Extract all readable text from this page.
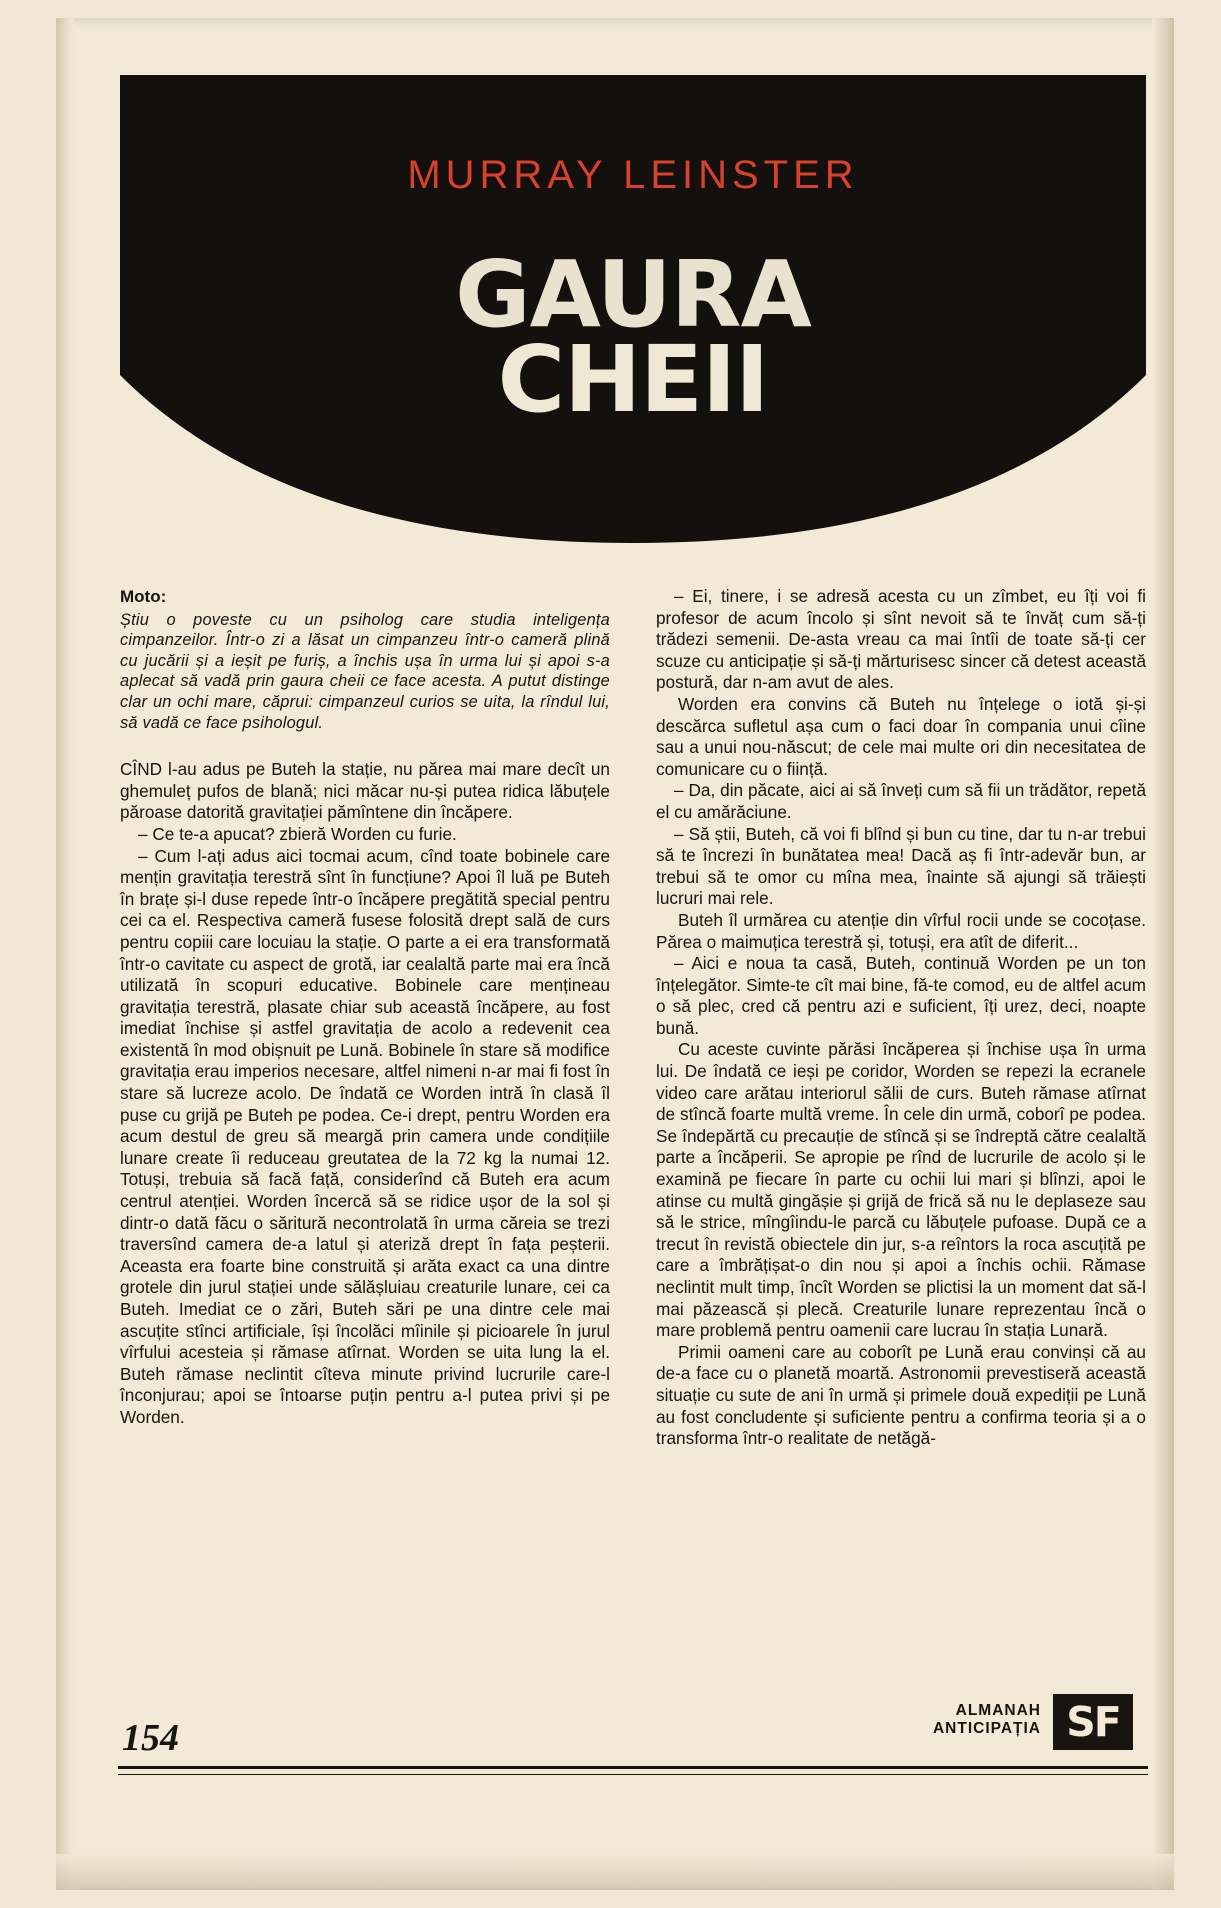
MURRAY LEINSTER
GAURA
CHEII
Moto:
Știu o poveste cu un psiholog care studia inteligența cimpanzeilor. Într-o zi a lăsat un cimpanzeu într-o cameră plină cu jucării și a ieșit pe furiș, a închis ușa în urma lui și apoi s-a aplecat să vadă prin gaura cheii ce face acesta. A putut distinge clar un ochi mare, căprui: cimpanzeul curios se uita, la rîndul lui, să vadă ce face psihologul.

CÎND l-au adus pe Buteh la stație, nu părea mai mare decît un ghemuleț pufos de blană; nici măcar nu-și putea ridica lăbuțele păroase datorită gravitației pămîntene din încăpere.

– Ce te-a apucat? zbieră Worden cu furie.

– Cum l-ați adus aici tocmai acum, cînd toate bobinele care mențin gravitația terestră sînt în funcțiune? Apoi îl luă pe Buteh în brațe și-l duse repede într-o încăpere pregătită special pentru cei ca el. Respectiva cameră fusese folosită drept sală de curs pentru copiii care locuiau la stație. O parte a ei era transformată într-o cavitate cu aspect de grotă, iar cealaltă parte mai era încă utilizată în scopuri educative. Bobinele care mențineau gravitația terestră, plasate chiar sub această încăpere, au fost imediat închise și astfel gravitația de acolo a redevenit cea existentă în mod obișnuit pe Lună. Bobinele în stare să modifice gravitația erau imperios necesare, altfel nimeni n-ar mai fi fost în stare să lucreze acolo. De îndată ce Worden intră în clasă îl puse cu grijă pe Buteh pe podea. Ce-i drept, pentru Worden era acum destul de greu să meargă prin camera unde condițiile lunare create îi reduceau greutatea de la 72 kg la numai 12. Totuși, trebuia să facă față, considerînd că Buteh era acum centrul atenției. Worden încercă să se ridice ușor de la sol și dintr-o dată făcu o săritură necontrolată în urma căreia se trezi traversînd camera de-a latul și ateriză drept în fața peșterii. Aceasta era foarte bine construită și arăta exact ca una dintre grotele din jurul stației unde sălășluiau creaturile lunare, cei ca Buteh. Imediat ce o zări, Buteh sări pe una dintre cele mai ascuțite stînci artificiale, își încolăci mîinile și picioarele în jurul vîrfului acesteia și rămase atîrnat. Worden se uita lung la el. Buteh rămase neclintit cîteva minute privind lucrurile care-l înconjurau; apoi se întoarse puțin pentru a-l putea privi și pe Worden.

– Ei, tinere, i se adresă acesta cu un zîmbet, eu îți voi fi profesor de acum încolo și sînt nevoit să te învăț cum să-ți trădezi semenii. De-asta vreau ca mai întîi de toate să-ți cer scuze cu anticipație și să-ți mărturisesc sincer că detest această postură, dar n-am avut de ales.

Worden era convins că Buteh nu înțelege o iotă și-și descărca sufletul așa cum o faci doar în compania unui cîine sau a unui nou-născut; de cele mai multe ori din necesitatea de comunicare cu o ființă.

– Da, din păcate, aici ai să înveți cum să fii un trădător, repetă el cu amărăciune.

– Să știi, Buteh, că voi fi blînd și bun cu tine, dar tu n-ar trebui să te încrezi în bunătatea mea! Dacă aș fi într-adevăr bun, ar trebui să te omor cu mîna mea, înainte să ajungi să trăiești lucruri mai rele.

Buteh îl urmărea cu atenție din vîrful rocii unde se cocoțase. Părea o maimuțica terestră și, totuși, era atît de diferit...

– Aici e noua ta casă, Buteh, continuă Worden pe un ton înțelegător. Simte-te cît mai bine, fă-te comod, eu de altfel acum o să plec, cred că pentru azi e suficient, îți urez, deci, noapte bună.

Cu aceste cuvinte părăsi încăperea și închise ușa în urma lui. De îndată ce ieși pe coridor, Worden se repezi la ecranele video care arătau interiorul sălii de curs. Buteh rămase atîrnat de stîncă foarte multă vreme. În cele din urmă, coborî pe podea. Se îndepărtă cu precauție de stîncă și se îndreptă către cealaltă parte a încăperii. Se apropie pe rînd de lucrurile de acolo și le examină pe fiecare în parte cu ochii lui mari și blînzi, apoi le atinse cu multă gingășie și grijă de frică să nu le deplaseze sau să le strice, mîngîindu-le parcă cu lăbuțele pufoase. După ce a trecut în revistă obiectele din jur, s-a reîntors la roca ascuțită pe care a îmbrățișat-o din nou și apoi a închis ochii. Rămase neclintit mult timp, încît Worden se plictisi la un moment dat să-l mai păzească și plecă. Creaturile lunare reprezentau încă o mare problemă pentru oamenii care lucrau în stația Lunară.

Primii oameni care au coborît pe Lună erau convinși că au de-a face cu o planetă moartă. Astronomii prevestiseră această situație cu sute de ani în urmă și primele două expediții pe Lună au fost concludente și suficiente pentru a confirma teoria și a o transforma într-o realitate de netăgă-

154
ALMANAH
ANTICIPAȚIA SF
